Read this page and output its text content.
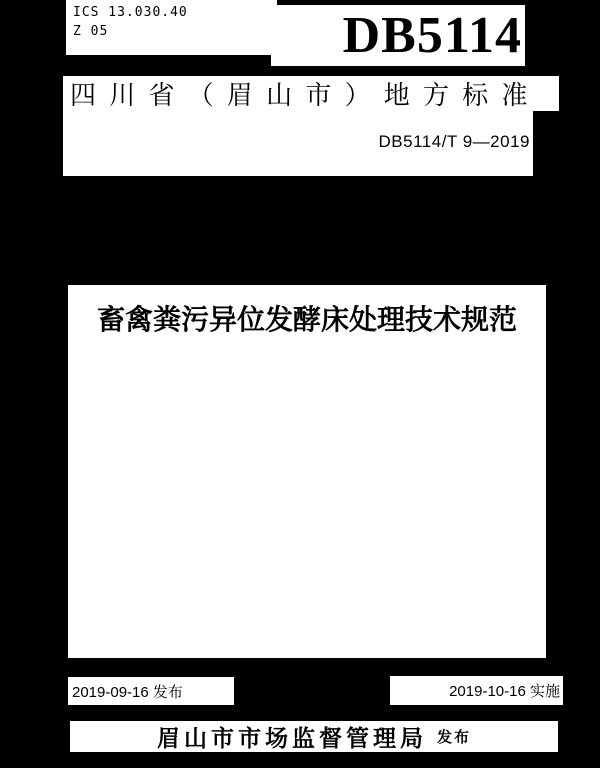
ICS 13.030.40
Z 05	DB5114
四 川 省 （ 眉 山 市 ） 地 方 标 准
DB5114/T 9—2019
畜禽粪污异位发酵床处理技术规范
2019-09-16 发布	2019-10-16 实施
眉山市市场监督管理局 发布
